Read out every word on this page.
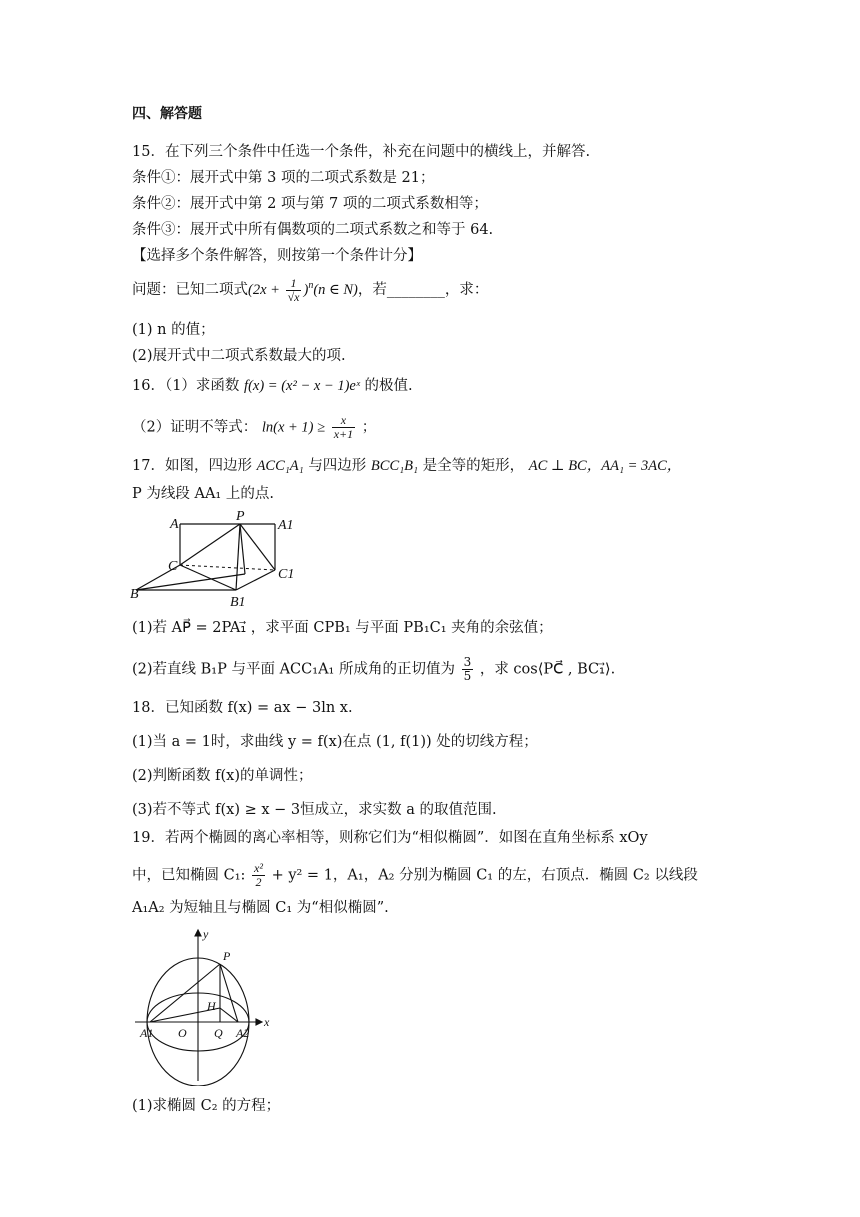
四、解答题
15．在下列三个条件中任选一个条件，补充在问题中的横线上，并解答.
条件①：展开式中第 3 项的二项式系数是 21；
条件②：展开式中第 2 项与第 7 项的二项式系数相等；
条件③：展开式中所有偶数项的二项式系数之和等于 64.
【选择多个条件解答，则按第一个条件计分】
问题：已知二项式$(2x + \frac{1}{√x} )^n(n$ ∈ N)，若________，求：
(1) n 的值；
(2)展开式中二项式系数最大的项.
16．（1）求函数 f(x) = (x² − x − 1)eˣ 的极值.
（2）证明不等式： $\ln(x + 1) \ge \frac{x}{x+1}$ ；
17．如图，四边形 ACC₁A₁ 与四边形 BCC₁B₁ 是全等的矩形， AC ⊥ BC，AA₁ = 3AC，
P 为线段 AA₁ 上的点.
A
P
A1
C
C1
B
B1
(1)若 AP⃗ = 2PA₁⃗ ，求平面 CPB₁ 与平面 PB₁C₁ 夹角的余弦值；
(2)若直线 B₁P 与平面 ACC₁A₁ 所成角的正切值为 $\frac{3}{5}$ ，求 cos⟨PC⃗ , BC₁⃗⟩.
18．已知函数 f(x) = ax − 3ln x.
(1)当 a = 1时，求曲线 y = f(x)在点 (1, f(1)) 处的切线方程；
(2)判断函数 f(x)的单调性；
(3)若不等式 f(x) ≥ x − 3恒成立，求实数 a 的取值范围.
19．若两个椭圆的离心率相等，则称它们为“相似椭圆”．如图在直角坐标系 xOy
中，已知椭圆 C₁: $\frac{\text{x²}}{2} + y^2 = 1$，A₁，A₂ 分别为椭圆 C₁ 的左，右顶点．椭圆 C₂ 以线段
A₁A₂ 为短轴且与椭圆 C₁ 为“相似椭圆”.
y
x
P
H
A1 O Q A2
(1)求椭圆 C₂ 的方程；
